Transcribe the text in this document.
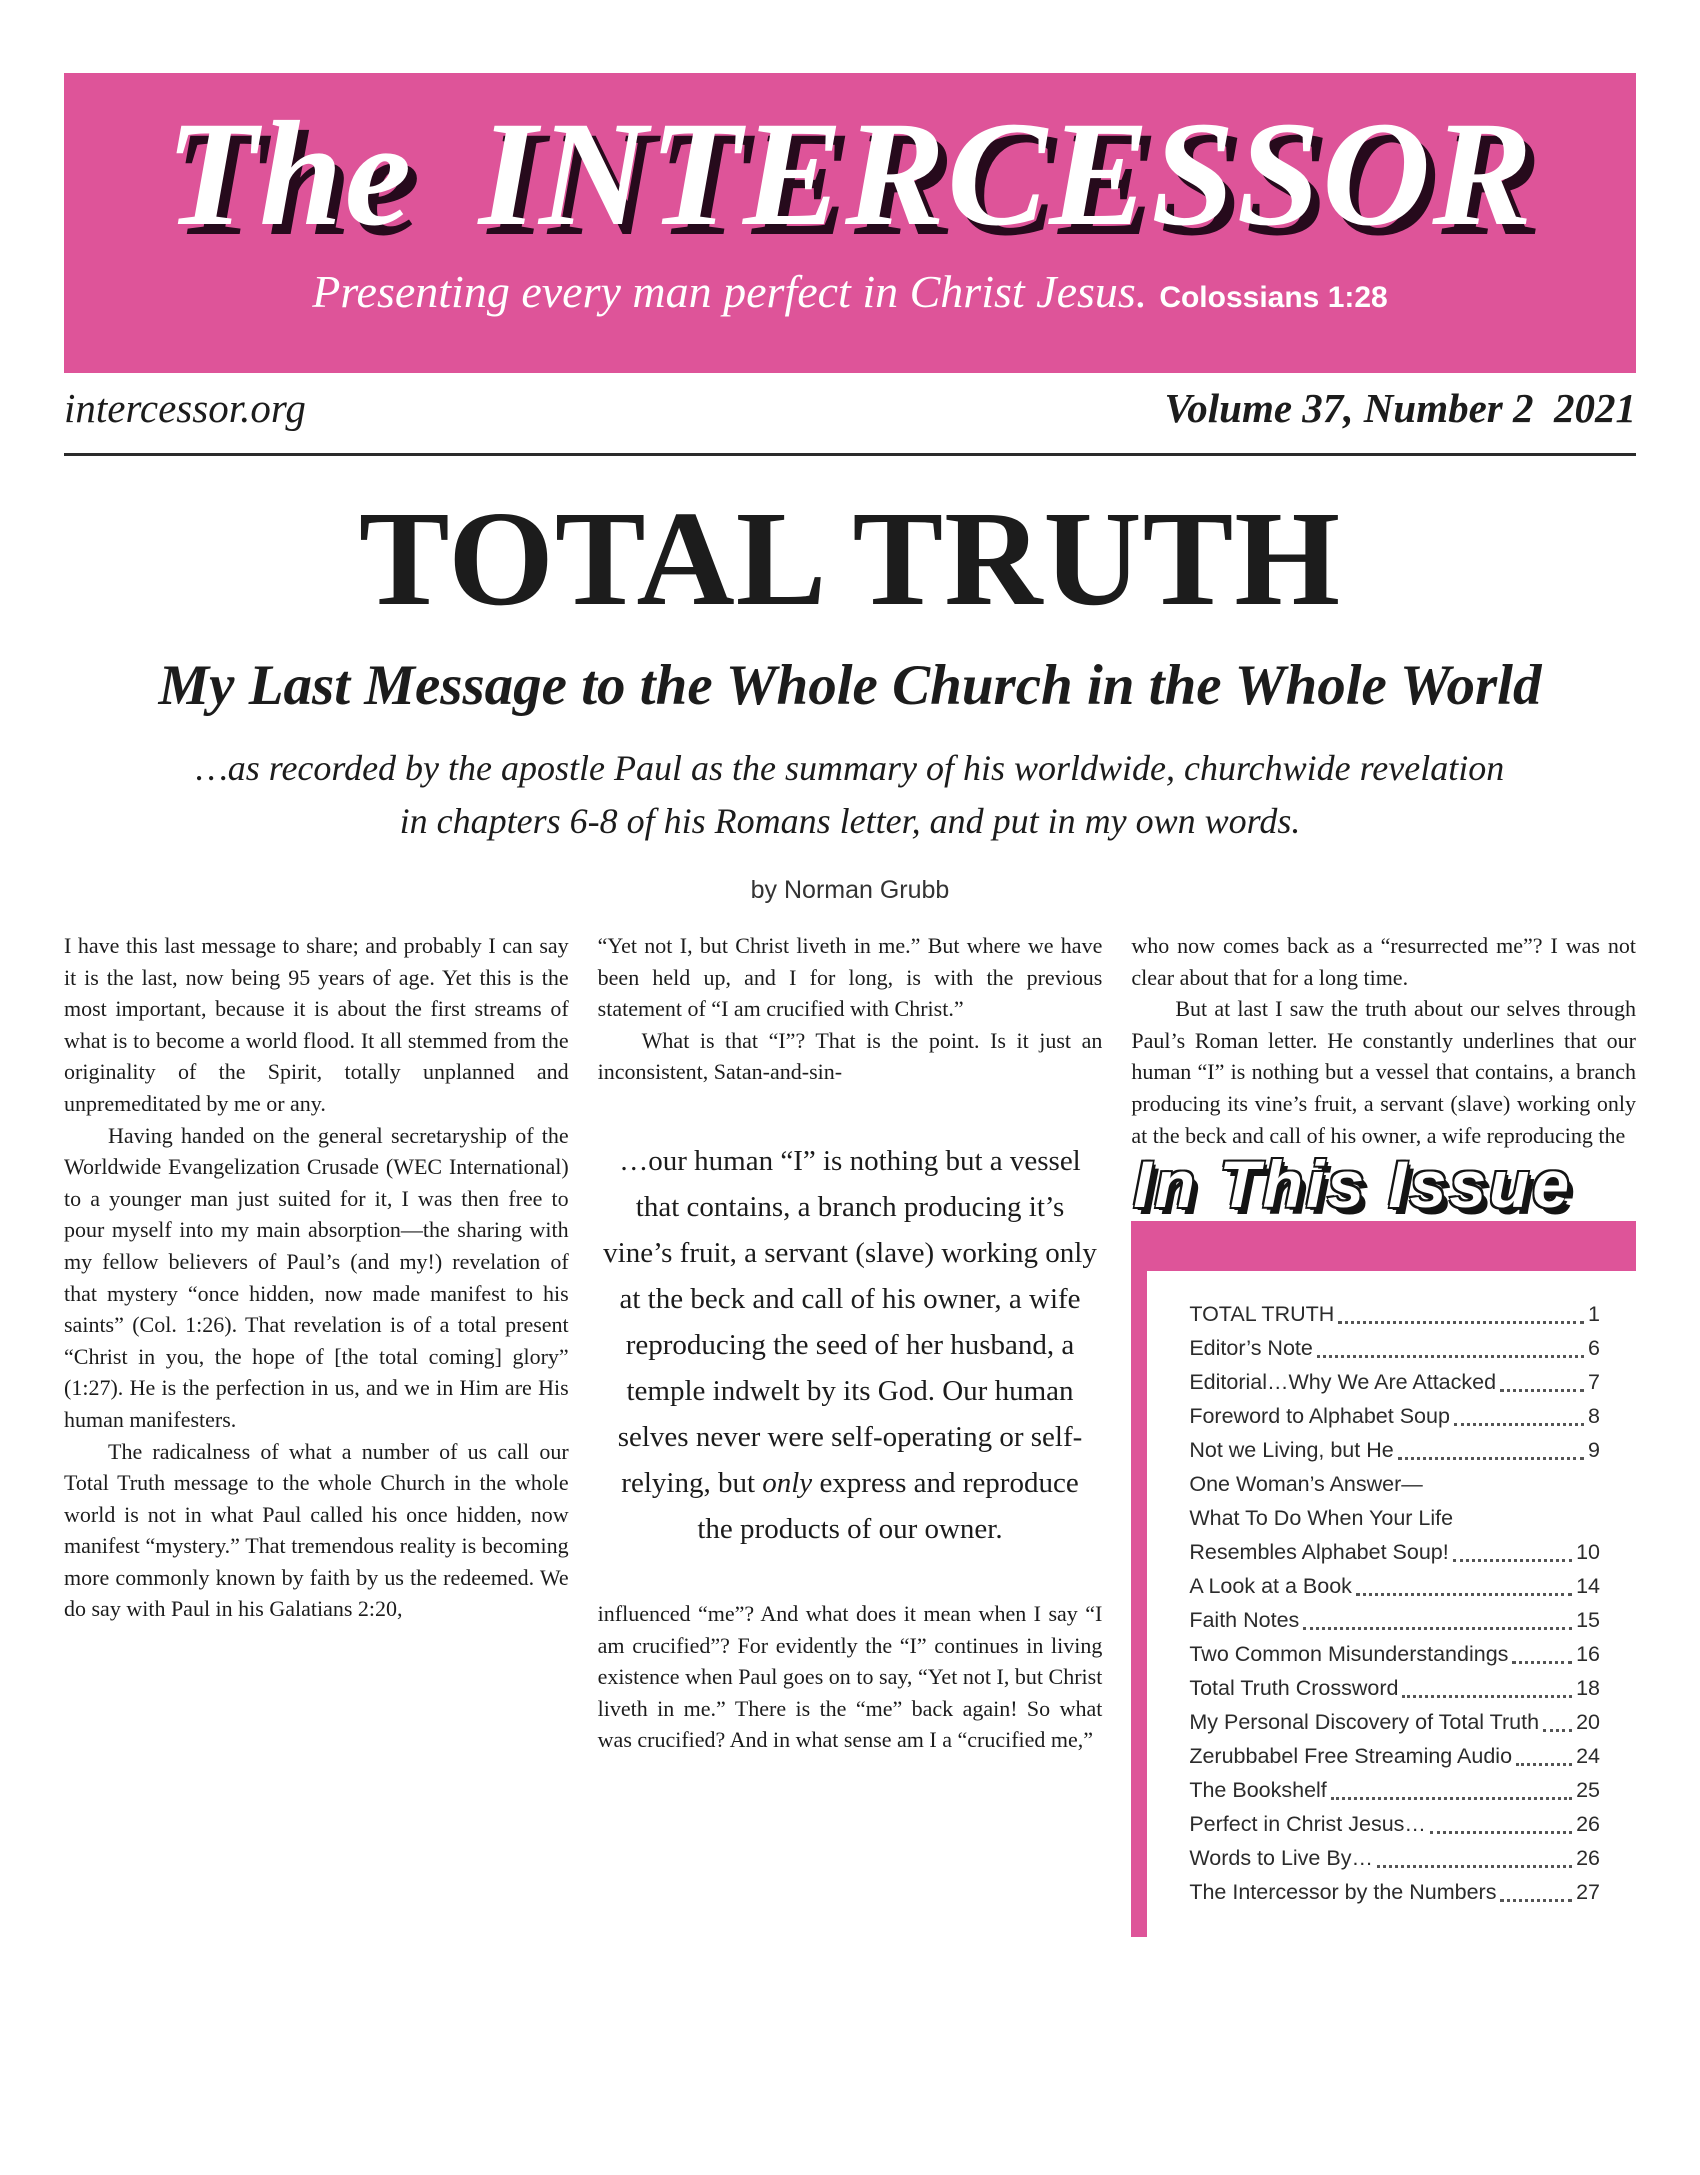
The INTERCESSOR
Presenting every man perfect in Christ Jesus. Colossians 1:28
intercessor.org	Volume 37, Number 2  2021
TOTAL TRUTH
My Last Message to the Whole Church in the Whole World

…as recorded by the apostle Paul as the summary of his worldwide, churchwide revelation
in chapters 6-8 of his Romans letter, and put in my own words.

by Norman Grubb

I have this last message to share; and probably I can say it is the last, now being 95 years of age. Yet this is the most important, because it is about the first streams of what is to become a world flood. It all stemmed from the originality of the Spirit, totally unplanned and unpremeditated by me or any.

Having handed on the general secretaryship of the Worldwide Evangelization Crusade (WEC International) to a younger man just suited for it, I was then free to pour myself into my main absorption—the sharing with my fellow believers of Paul’s (and my!) revelation of that mystery “once hidden, now made manifest to his saints” (Col. 1:26). That revelation is of a total present “Christ in you, the hope of [the total coming] glory” (1:27). He is the perfection in us, and we in Him are His human manifesters.

The radicalness of what a number of us call our Total Truth message to the whole Church in the whole world is not in what Paul called his once hidden, now manifest “mystery.” That tremendous reality is becoming more commonly known by faith by us the redeemed. We do say with Paul in his Galatians 2:20,

“Yet not I, but Christ liveth in me.” But where we have been held up, and I for long, is with the previous statement of “I am crucified with Christ.”

What is that “I”? That is the point. Is it just an inconsistent, Satan-and-sin-

…our human “I” is nothing but a vessel that contains, a branch producing it’s vine’s fruit, a servant (slave) working only at the beck and call of his owner, a wife reproducing the seed of her husband, a temple indwelt by its God. Our human selves never were self-operating or self-relying, but only express and reproduce the products of our owner.

influenced “me”? And what does it mean when I say “I am crucified”? For evidently the “I” continues in living existence when Paul goes on to say, “Yet not I, but Christ liveth in me.” There is the “me” back again! So what was crucified? And in what sense am I a “crucified me,”

who now comes back as a “resurrected me”? I was not clear about that for a long time.

But at last I saw the truth about our selves through Paul’s Roman letter. He constantly underlines that our human “I” is nothing but a vessel that contains, a branch producing its vine’s fruit, a servant (slave) working only at the beck and call of his owner, a wife reproducing the

In This Issue
TOTAL TRUTH	1
Editor’s Note	6
Editorial…Why We Are Attacked	7
Foreword to Alphabet Soup	8
Not we Living, but He	9
One Woman’s Answer—
What To Do When Your Life
Resembles Alphabet Soup!	10
A Look at a Book	14
Faith Notes	15
Two Common Misunderstandings	16
Total Truth Crossword	18
My Personal Discovery of Total Truth 20
Zerubbabel Free Streaming Audio	24
The Bookshelf	25
Perfect in Christ Jesus…	26
Words to Live By…	26
The Intercessor by the Numbers	27
